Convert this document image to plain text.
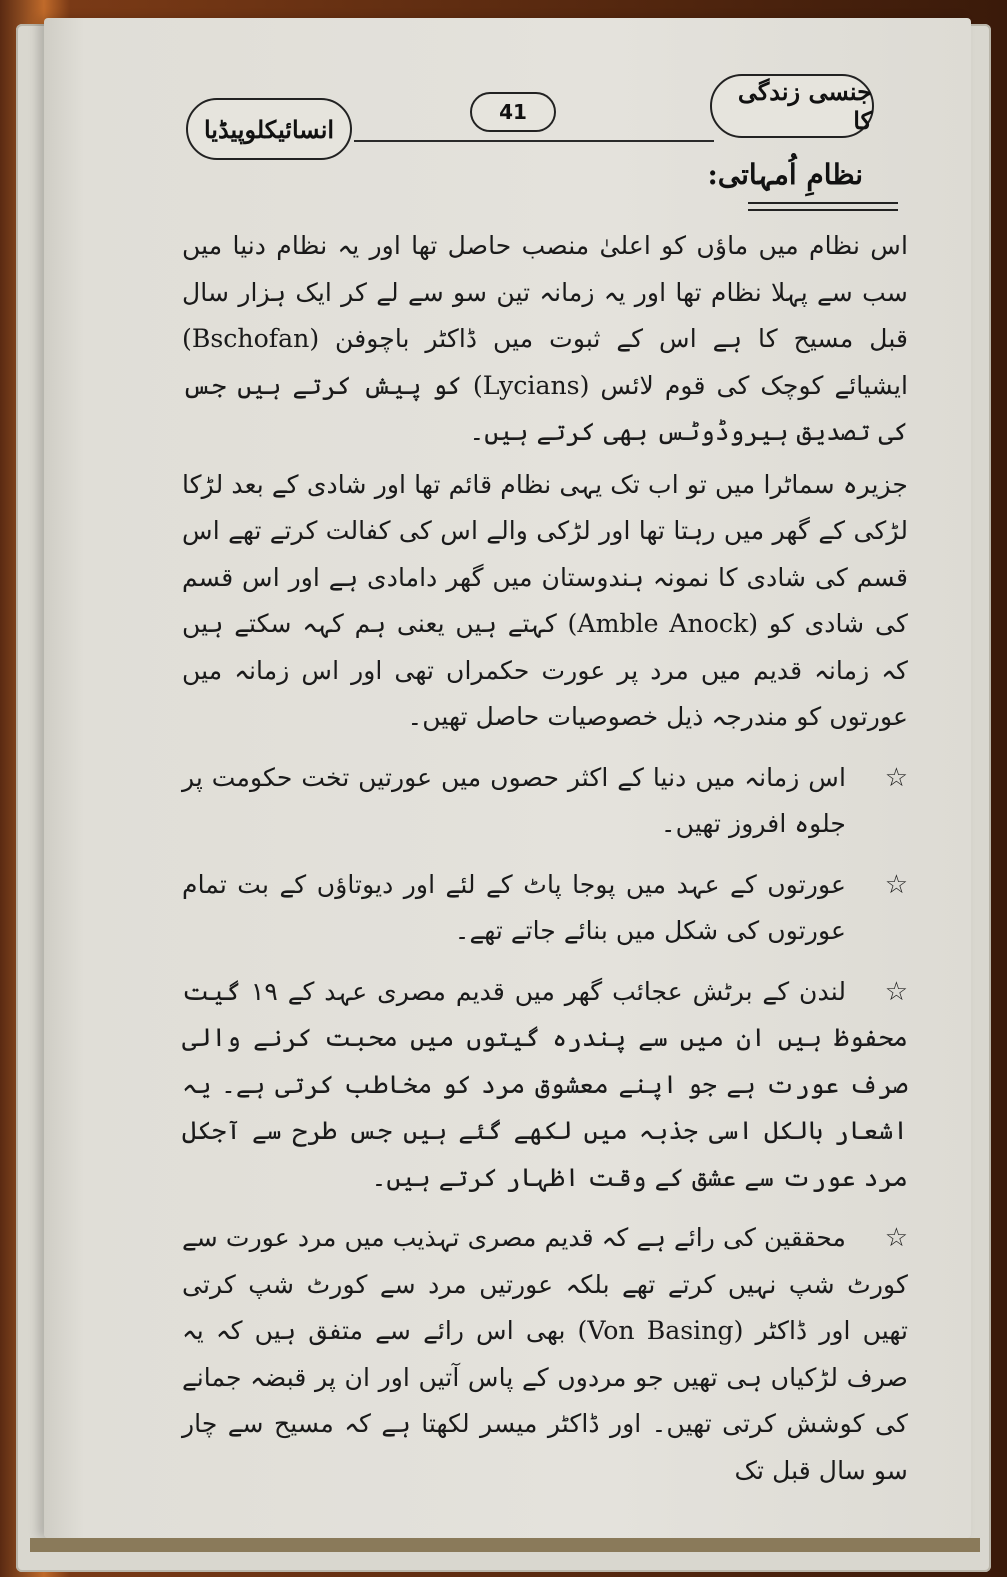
انسائیکلوپیڈیا
41
جنسی زندگی کا
نظامِ اُمہاتی:

اس نظام میں ماؤں کو اعلیٰ منصب حاصل تھا اور یہ نظام دنیا میں سب سے پہلا نظام تھا اور یہ زمانہ تین سو سے لے کر ایک ہزار سال قبل مسیح کا ہے اس کے ثبوت میں ڈاکٹر باچوفن (Bschofan) ایشیائے کوچک کی قوم لائس (Lycians) کو پیش کرتے ہیں جس کی تصدیق ہیروڈوٹس بھی کرتے ہیں۔

جزیرہ سماٹرا میں تو اب تک یہی نظام قائم تھا اور شادی کے بعد لڑکا لڑکی کے گھر میں رہتا تھا اور لڑکی والے اس کی کفالت کرتے تھے اس قسم کی شادی کا نمونہ ہندوستان میں گھر دامادی ہے اور اس قسم کی شادی کو (Amble Anock) کہتے ہیں یعنی ہم کہہ سکتے ہیں کہ زمانہ قدیم میں مرد پر عورت حکمراں تھی اور اس زمانہ میں عورتوں کو مندرجہ ذیل خصوصیات حاصل تھیں۔

☆
اس زمانہ میں دنیا کے اکثر حصوں میں عورتیں تخت حکومت پر جلوہ افروز تھیں۔

☆
عورتوں کے عہد میں پوجا پاٹ کے لئے اور دیوتاؤں کے بت تمام عورتوں کی شکل میں بنائے جاتے تھے۔

☆
لندن کے برٹش عجائب گھر میں قدیم مصری عہد کے ۱۹ گیت محفوظ ہیں ان میں سے پندرہ گیتوں میں محبت کرنے والی صرف عورت ہے جو اپنے معشوق مرد کو مخاطب کرتی ہے۔ یہ اشعار بالکل اسی جذبہ میں لکھے گئے ہیں جس طرح سے آجکل مرد عورت سے عشق کے وقت اظہار کرتے ہیں۔

☆
محققین کی رائے ہے کہ قدیم مصری تہذیب میں مرد عورت سے کورٹ شپ نہیں کرتے تھے بلکہ عورتیں مرد سے کورٹ شپ کرتی تھیں اور ڈاکٹر (Von Basing) بھی اس رائے سے متفق ہیں کہ یہ صرف لڑکیاں ہی تھیں جو مردوں کے پاس آتیں اور ان پر قبضہ جمانے کی کوشش کرتی تھیں۔ اور ڈاکٹر میسر لکھتا ہے کہ مسیح سے چار سو سال قبل تک
